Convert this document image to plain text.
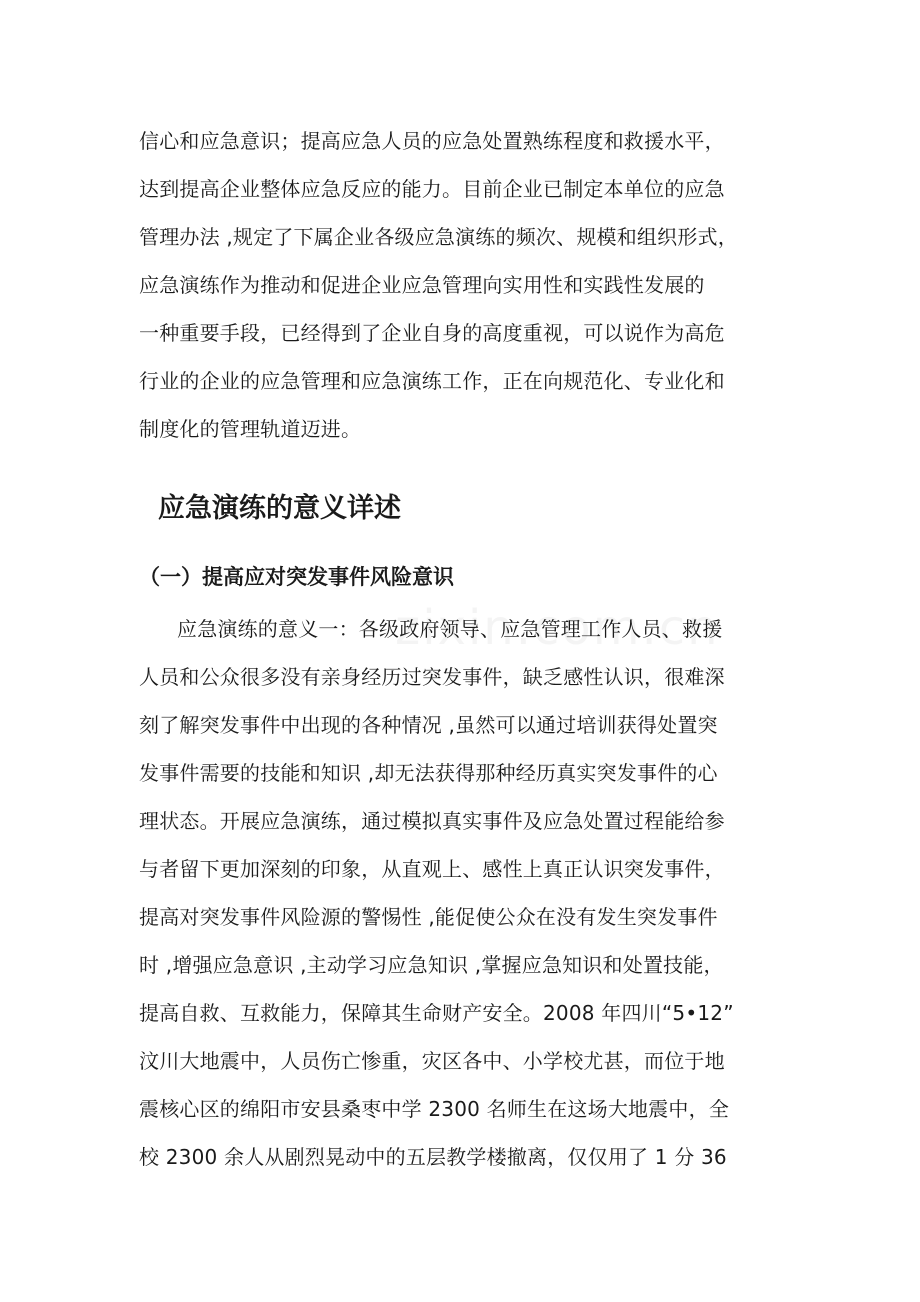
信心和应急意识；提高应急人员的应急处置熟练程度和救援水平，
达到提高企业整体应急反应的能力。目前企业已制定本单位的应急
管理办法 ,规定了下属企业各级应急演练的频次、规模和组织形式，
应急演练作为推动和促进企业应急管理向实用性和实践性发展的
一种重要手段，已经得到了企业自身的高度重视，可以说作为高危
行业的企业的应急管理和应急演练工作，正在向规范化、专业化和
制度化的管理轨道迈进。
应急演练的意义详述
（一）提高应对突发事件风险意识
应急演练的意义一：各级政府领导、应急管理工作人员、救援
人员和公众很多没有亲身经历过突发事件，缺乏感性认识，很难深
刻了解突发事件中出现的各种情况 ,虽然可以通过培训获得处置突
发事件需要的技能和知识 ,却无法获得那种经历真实突发事件的心
理状态。开展应急演练，通过模拟真实事件及应急处置过程能给参
与者留下更加深刻的印象，从直观上、感性上真正认识突发事件，
提高对突发事件风险源的警惕性 ,能促使公众在没有发生突发事件
时 ,增强应急意识 ,主动学习应急知识 ,掌握应急知识和处置技能，
提高自救、互救能力，保障其生命财产安全。2008 年四川“5•12”
汶川大地震中，人员伤亡惨重，灾区各中、小学校尤甚，而位于地
震核心区的绵阳市安县桑枣中学 2300 名师生在这场大地震中，全
校 2300 余人从剧烈晃动中的五层教学楼撤离，仅仅用了 1 分 36
